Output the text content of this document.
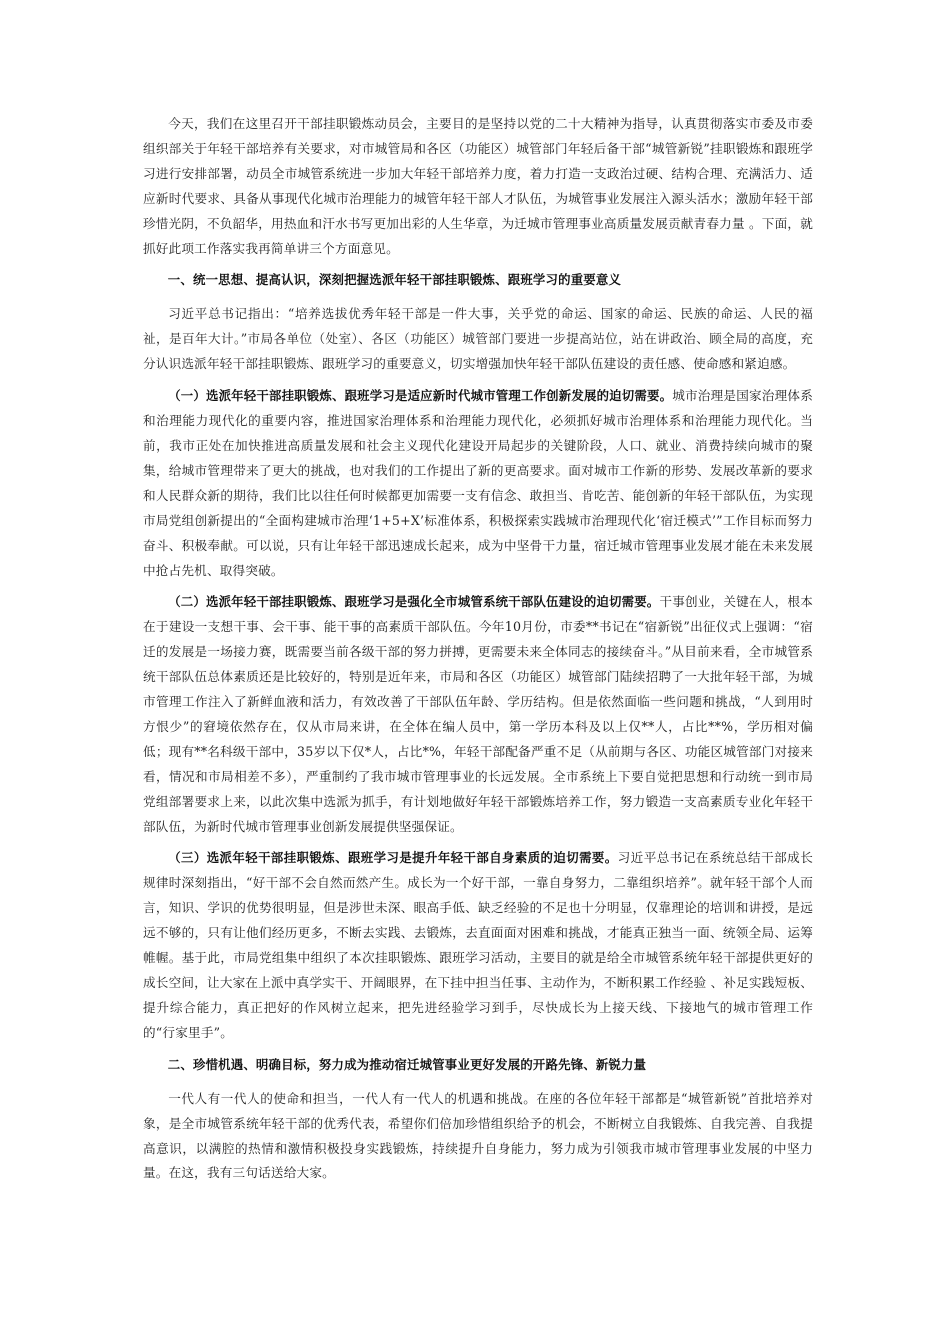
今天，我们在这里召开干部挂职锻炼动员会，主要目的是坚持以党的二十大精神为指导，认真贯彻落实市委及市委组织部关于年轻干部培养有关要求，对市城管局和各区（功能区）城管部门年轻后备干部“城管新锐”挂职锻炼和跟班学习进行安排部署，动员全市城管系统进一步加大年轻干部培养力度，着力打造一支政治过硬、结构合理、充满活力、适应新时代要求、具备从事现代化城市治理能力的城管年轻干部人才队伍，为城管事业发展注入源头活水；激励年轻干部珍惜光阴，不负韶华，用热血和汗水书写更加出彩的人生华章，为迁城市管理事业高质量发展贡献青春力量 。下面，就抓好此项工作落实我再简单讲三个方面意见。

一、统一思想、提高认识，深刻把握选派年轻干部挂职锻炼、跟班学习的重要意义

习近平总书记指出：“培养选拔优秀年轻干部是一件大事，关乎党的命运、国家的命运、民族的命运、人民的福祉，是百年大计。”市局各单位（处室）、各区（功能区）城管部门要进一步提高站位，站在讲政治、顾全局的高度，充分认识选派年轻干部挂职锻炼、跟班学习的重要意义，切实增强加快年轻干部队伍建设的责任感、使命感和紧迫感。

（一）选派年轻干部挂职锻炼、跟班学习是适应新时代城市管理工作创新发展的迫切需要。城市治理是国家治理体系和治理能力现代化的重要内容，推进国家治理体系和治理能力现代化，必须抓好城市治理体系和治理能力现代化。当前，我市正处在加快推进高质量发展和社会主义现代化建设开局起步的关键阶段，人口、就业、消费持续向城市的聚集，给城市管理带来了更大的挑战，也对我们的工作提出了新的更高要求。面对城市工作新的形势、发展改革新的要求和人民群众新的期待，我们比以往任何时候都更加需要一支有信念、敢担当、肯吃苦、能创新的年轻干部队伍，为实现市局党组创新提出的“全面构建城市治理‘1+5+X’标准体系，积极探索实践城市治理现代化‘宿迁模式’”工作目标而努力奋斗、积极奉献。可以说，只有让年轻干部迅速成长起来，成为中坚骨干力量，宿迁城市管理事业发展才能在未来发展中抢占先机、取得突破。

（二）选派年轻干部挂职锻炼、跟班学习是强化全市城管系统干部队伍建设的迫切需要。干事创业，关键在人，根本在于建设一支想干事、会干事、能干事的高素质干部队伍。今年10月份，市委**书记在“宿新锐”出征仪式上强调：“宿迁的发展是一场接力赛，既需要当前各级干部的努力拼搏，更需要未来全体同志的接续奋斗。”从目前来看，全市城管系统干部队伍总体素质还是比较好的，特别是近年来，市局和各区（功能区）城管部门陆续招聘了一大批年轻干部，为城市管理工作注入了新鲜血液和活力，有效改善了干部队伍年龄、学历结构。但是依然面临一些问题和挑战，“人到用时方恨少”的窘境依然存在，仅从市局来讲，在全体在编人员中，第一学历本科及以上仅**人，占比**%，学历相对偏低；现有**名科级干部中，35岁以下仅*人，占比*%，年轻干部配备严重不足（从前期与各区、功能区城管部门对接来看，情况和市局相差不多），严重制约了我市城市管理事业的长远发展。全市系统上下要自觉把思想和行动统一到市局党组部署要求上来，以此次集中选派为抓手，有计划地做好年轻干部锻炼培养工作，努力锻造一支高素质专业化年轻干部队伍，为新时代城市管理事业创新发展提供坚强保证。

（三）选派年轻干部挂职锻炼、跟班学习是提升年轻干部自身素质的迫切需要。习近平总书记在系统总结干部成长规律时深刻指出，“好干部不会自然而然产生。成长为一个好干部，一靠自身努力，二靠组织培养”。就年轻干部个人而言，知识、学识的优势很明显，但是涉世未深、眼高手低、缺乏经验的不足也十分明显，仅靠理论的培训和讲授，是远远不够的，只有让他们经历更多，不断去实践、去锻炼，去直面面对困难和挑战，才能真正独当一面、统领全局、运筹帷幄。基于此，市局党组集中组织了本次挂职锻炼、跟班学习活动，主要目的就是给全市城管系统年轻干部提供更好的成长空间，让大家在上派中真学实干、开阔眼界，在下挂中担当任事、主动作为，不断积累工作经验 、补足实践短板、提升综合能力，真正把好的作风树立起来，把先进经验学习到手，尽快成长为上接天线、下接地气的城市管理工作的“行家里手”。

二、珍惜机遇、明确目标，努力成为推动宿迁城管事业更好发展的开路先锋、新锐力量

一代人有一代人的使命和担当，一代人有一代人的机遇和挑战。在座的各位年轻干部都是“城管新锐”首批培养对象，是全市城管系统年轻干部的优秀代表，希望你们倍加珍惜组织给予的机会，不断树立自我锻炼、自我完善、自我提高意识，以满腔的热情和激情积极投身实践锻炼，持续提升自身能力，努力成为引领我市城市管理事业发展的中坚力量。在这，我有三句话送给大家。
